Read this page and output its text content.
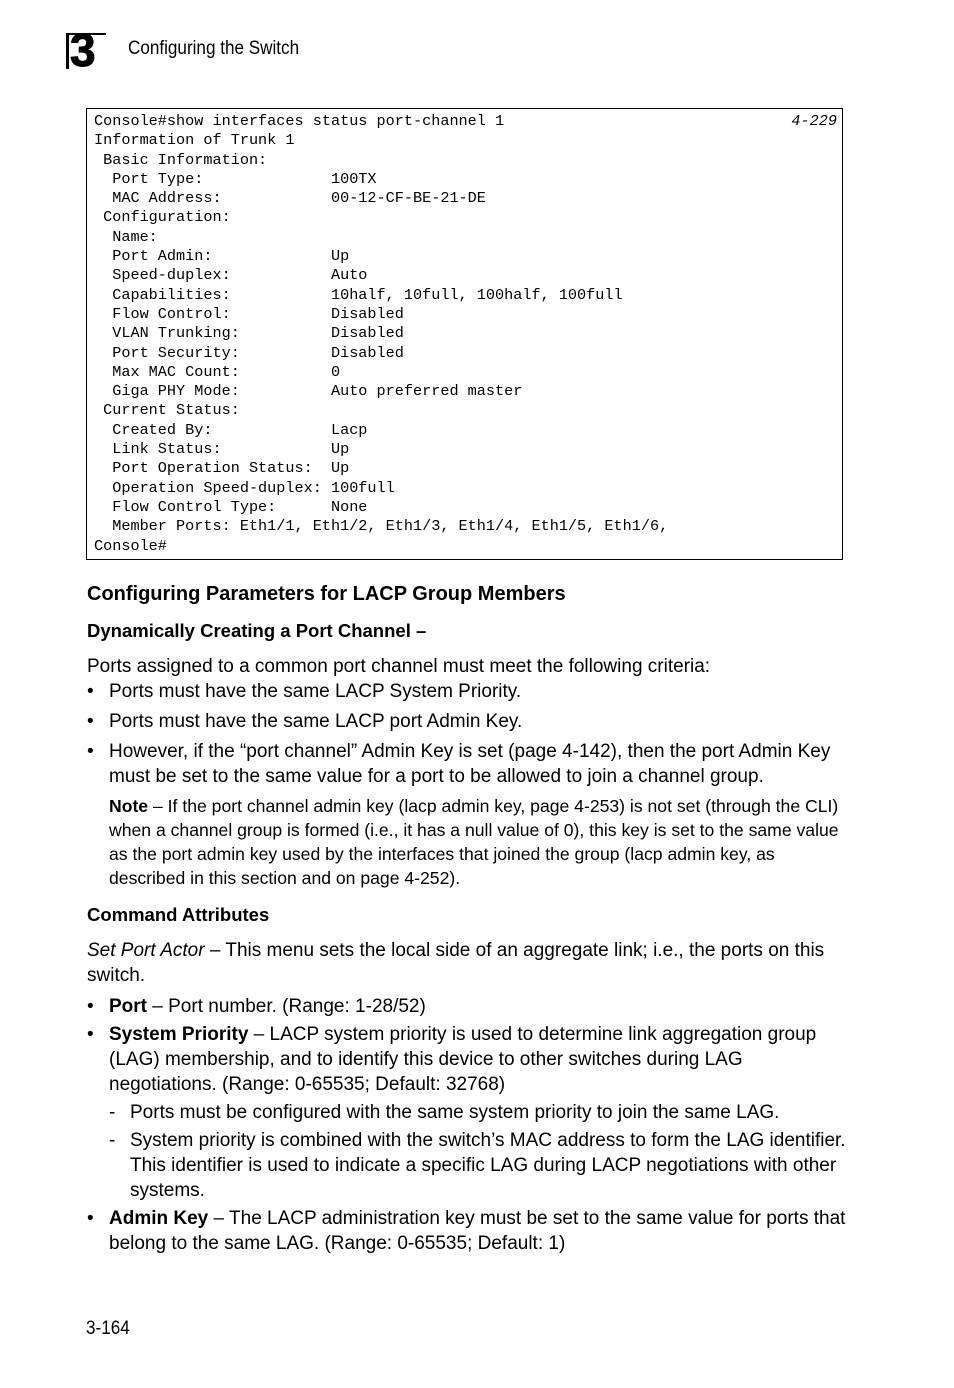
3 Configuring the Switch
4-229
Console#show interfaces status port-channel 1
Information of Trunk 1
Basic Information:
Port Type:              100TX
MAC Address:            00-12-CF-BE-21-DE
Configuration:
Name:
Port Admin:             Up
Speed-duplex:           Auto
Capabilities:           10half, 10full, 100half, 100full
Flow Control:           Disabled
VLAN Trunking:          Disabled
Port Security:          Disabled
Max MAC Count:          0
Giga PHY Mode:          Auto preferred master
Current Status:
Created By:             Lacp
Link Status:            Up
Port Operation Status:  Up
Operation Speed-duplex: 100full
Flow Control Type:      None
Member Ports: Eth1/1, Eth1/2, Eth1/3, Eth1/4, Eth1/5, Eth1/6,
Console#
Configuring Parameters for LACP Group Members
Dynamically Creating a Port Channel –

Ports assigned to a common port channel must meet the following criteria:

• Ports must have the same LACP System Priority.
• Ports must have the same LACP port Admin Key.
• However, if the “port channel” Admin Key is set (page 4-142), then the port Admin Key must be set to the same value for a port to be allowed to join a channel group.

Note – If the port channel admin key (lacp admin key, page 4-253) is not set (through the CLI) when a channel group is formed (i.e., it has a null value of 0), this key is set to the same value as the port admin key used by the interfaces that joined the group (lacp admin key, as described in this section and on page 4-252).

Command Attributes

Set Port Actor – This menu sets the local side of an aggregate link; i.e., the ports on this switch.

• Port – Port number. (Range: 1-28/52)
• System Priority – LACP system priority is used to determine link aggregation group (LAG) membership, and to identify this device to other switches during LAG negotiations. (Range: 0-65535; Default: 32768)
- Ports must be configured with the same system priority to join the same LAG.
- System priority is combined with the switch’s MAC address to form the LAG identifier. This identifier is used to indicate a specific LAG during LACP negotiations with other systems.
• Admin Key – The LACP administration key must be set to the same value for ports that belong to the same LAG. (Range: 0-65535; Default: 1)
3-164
